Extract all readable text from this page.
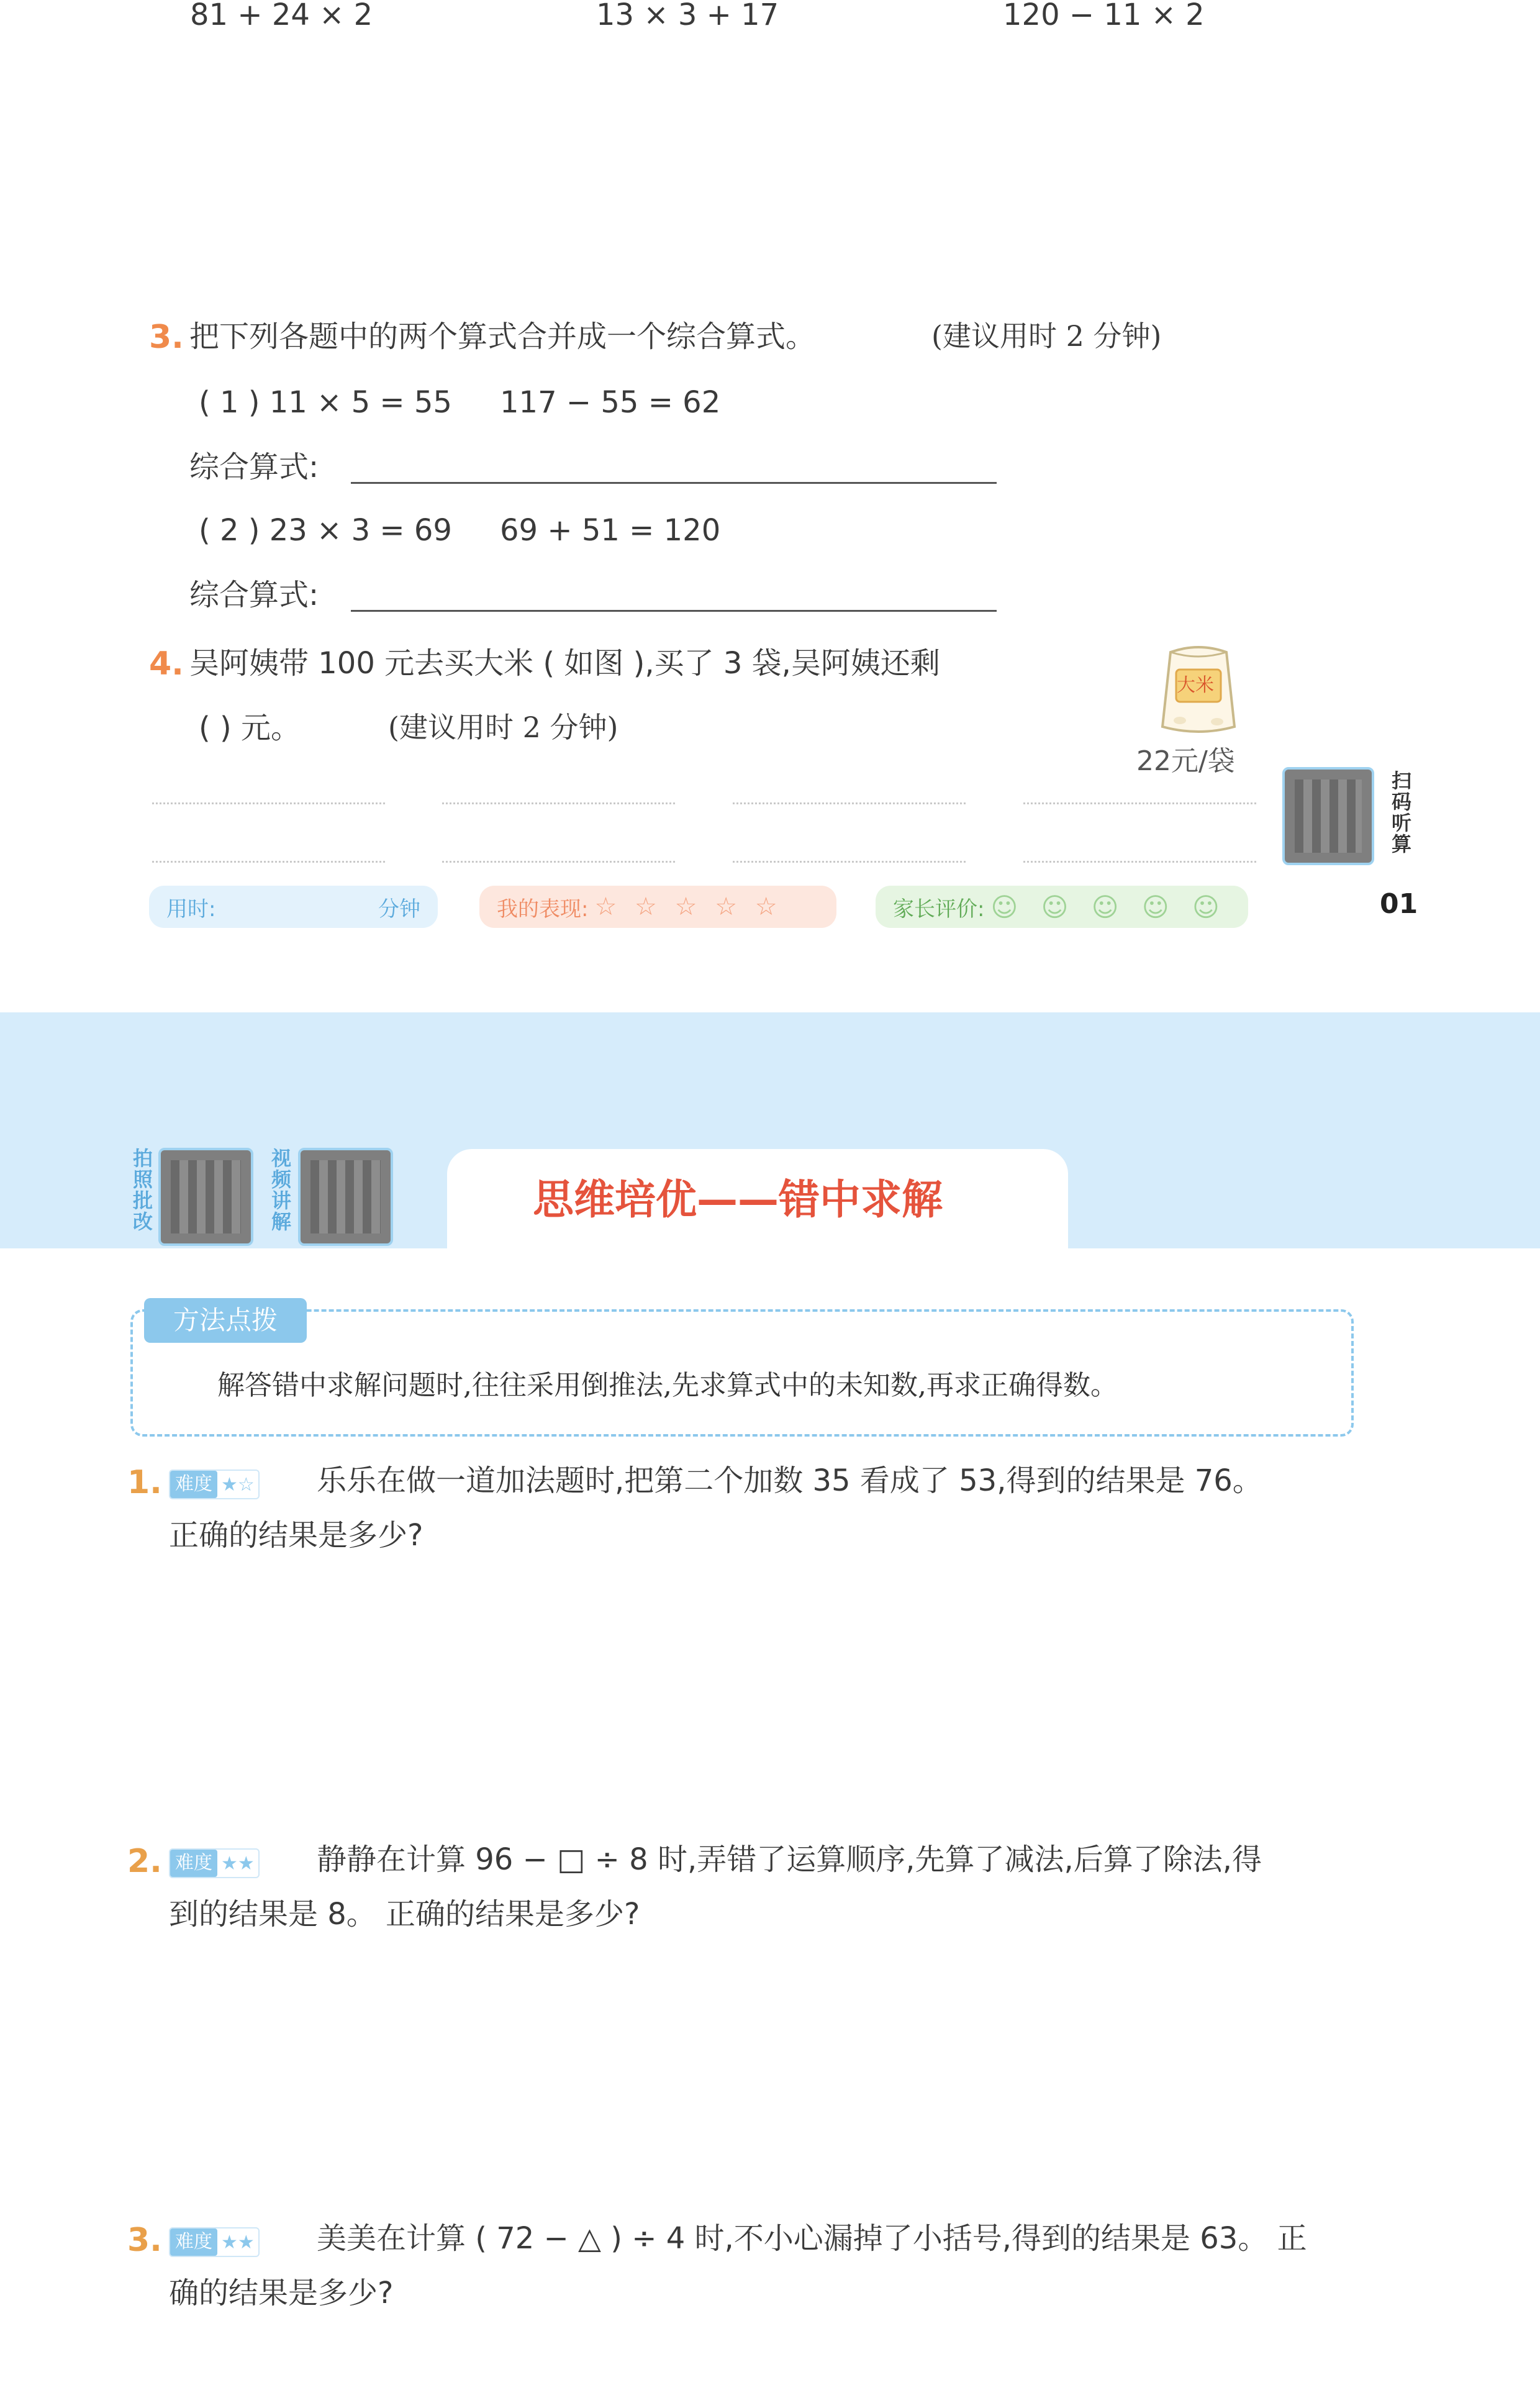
81 + 24 × 2	13 × 3 + 17	120 − 11 × 2
3. 把下列各题中的两个算式合并成一个综合算式。	(建议用时 2 分钟)
( 1 ) 11 × 5 = 55 117 − 55 = 62
综合算式:
( 2 ) 23 × 3 = 69 69 + 51 = 120
综合算式:
4. 吴阿姨带 100 元去买大米 ( 如图 ),买了 3 袋,吴阿姨还剩
( ) 元。	(建议用时 2 分钟)
大米
22元/袋
扫码听算
用时:	分钟	我的表现: ☆ ☆ ☆ ☆ ☆	家长评价: ☺ ☺ ☺ ☺ ☺	01
拍照批改	视频讲解	思维培优——错中求解
方法点拨
解答错中求解问题时,往往采用倒推法,先求算式中的未知数,再求正确得数。
1. 难度 ★☆ 乐乐在做一道加法题时,把第二个加数 35 看成了 53,得到的结果是 76。
正确的结果是多少?
2. 难度 ★★ 静静在计算 96 − □ ÷ 8 时,弄错了运算顺序,先算了减法,后算了除法,得
到的结果是 8。 正确的结果是多少?
3. 难度 ★★ 美美在计算 ( 72 − △ ) ÷ 4 时,不小心漏掉了小括号,得到的结果是 63。 正
确的结果是多少?
